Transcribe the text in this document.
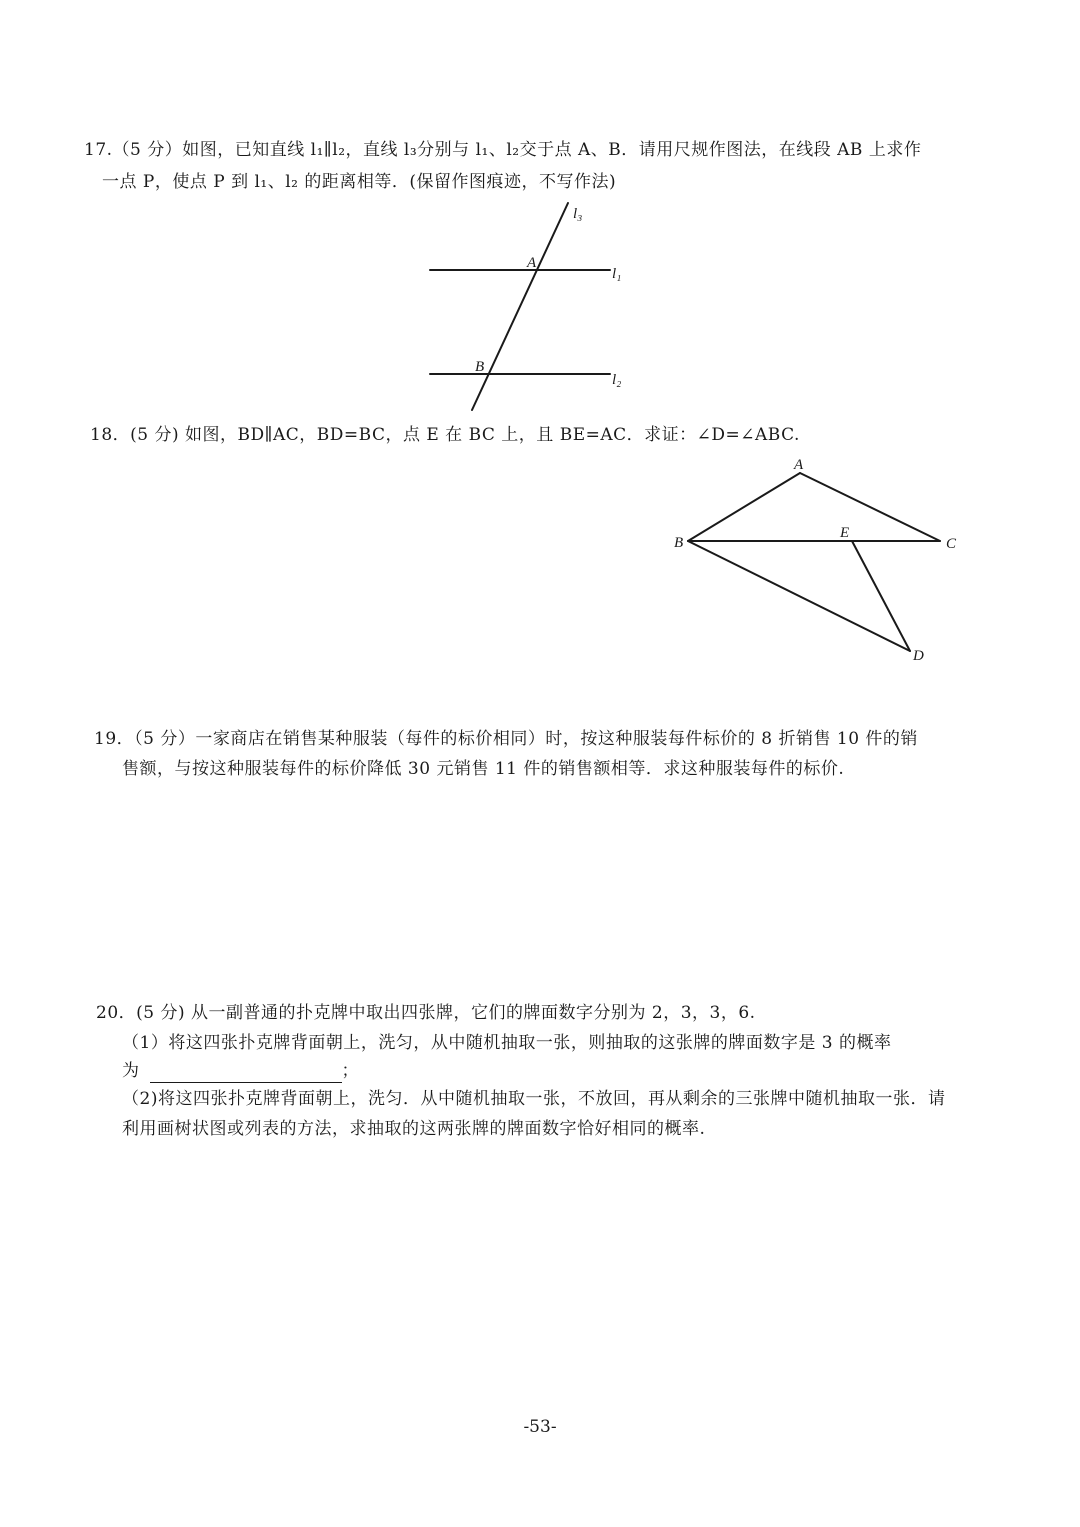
17.（5 分）如图，已知直线 l₁∥l₂，直线 l₃分别与 l₁、l₂交于点 A、B．请用尺规作图法，在线段 AB 上求作

一点 P，使点 P 到 l₁、l₂ 的距离相等．(保留作图痕迹，不写作法)

l₃
A
l₁
B
l₂

18．(5 分) 如图，BD∥AC，BD=BC，点 E 在 BC 上，且 BE=AC．求证：∠D=∠ABC.

A
B
E
C
D

19．（5 分）一家商店在销售某种服装（每件的标价相同）时，按这种服装每件标价的 8 折销售 10 件的销

售额，与按这种服装每件的标价降低 30 元销售 11 件的销售额相等．求这种服装每件的标价.

20．(5 分) 从一副普通的扑克牌中取出四张牌，它们的牌面数字分别为 2，3，3，6.

（1）将这四张扑克牌背面朝上，洗匀，从中随机抽取一张，则抽取的这张牌的牌面数字是 3 的概率

为	；

（2)将这四张扑克牌背面朝上，洗匀．从中随机抽取一张，不放回，再从剩余的三张牌中随机抽取一张．请

利用画树状图或列表的方法，求抽取的这两张牌的牌面数字恰好相同的概率.

-53-
